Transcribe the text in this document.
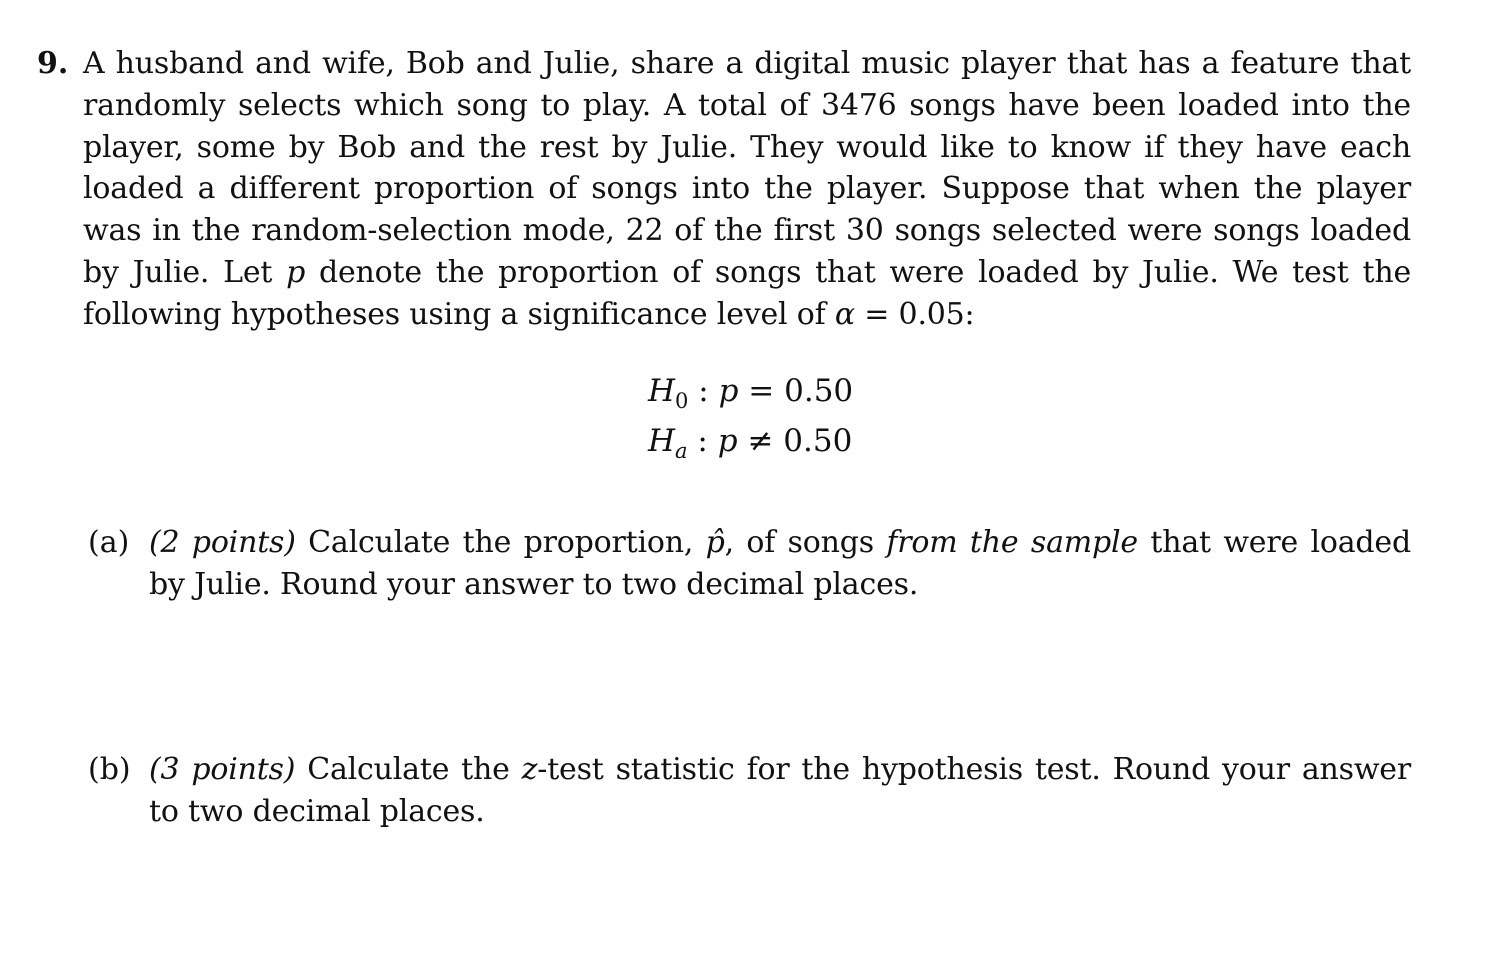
9. A husband and wife, Bob and Julie, share a digital music player that has a feature that randomly selects which song to play. A total of 3476 songs have been loaded into the player, some by Bob and the rest by Julie. They would like to know if they have each loaded a different proportion of songs into the player. Suppose that when the player was in the random-selection mode, 22 of the first 30 songs selected were songs loaded by Julie. Let p denote the proportion of songs that were loaded by Julie. We test the following hypotheses using a significance level of α = 0.05:
$H_0$ : p = 0.50
$H_a$ : p ≠ 0.50
(a) (2 points) Calculate the proportion, p̂, of songs from the sample that were loaded by Julie. Round your answer to two decimal places.
(b) (3 points) Calculate the z-test statistic for the hypothesis test. Round your answer to two decimal places.
